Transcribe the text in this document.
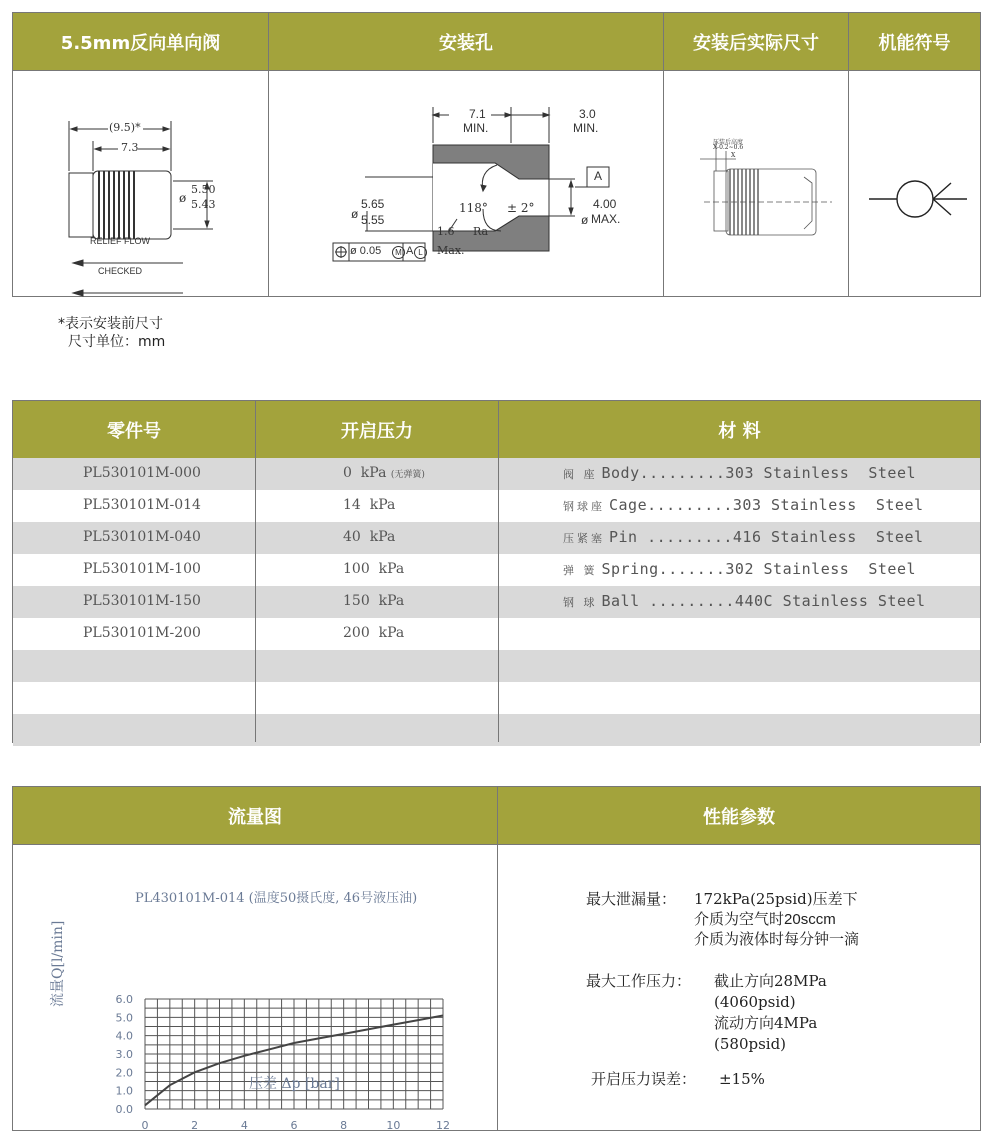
5.5mm反向单向阀	安装孔	安装后实际尺寸	机能符号
(9.5)*
7.3
ø
5.50
5.43
RELIEF FLOW
CHECKED
7.1
MIN.
3.0
MIN.
ø
5.65
5.55
118° ± 2°
1.6 Ra
Max.
ø
4.00
MAX.
A
ø 0.05	M A L
压装后高度
X-0.2~0.6
X
*表示安装前尺寸
尺寸单位：mm
零件号	开启压力	材 料
PL530101M-000	0  kPa (无弹簧)	阀 座 Body.........303 Stainless  Steel
PL530101M-014	14  kPa	钢球座 Cage.........303 Stainless  Steel
PL530101M-040	40  kPa	压紧塞 Pin .........416 Stainless  Steel
PL530101M-100	100  kPa	弹 簧 Spring.......302 Stainless  Steel
PL530101M-150	150  kPa	钢 球 Ball .........440C Stainless Steel
PL530101M-200	200  kPa
流量图	性能参数
PL430101M-014 (温度50摄氏度, 46号液压油)
0	2	4	6	8	10	12
0.0
1.0
2.0
3.0
4.0
5.0
6.0
压差 Δp [bar]
流量Q[l/min]
最大泄漏量： 172kPa(25psid)压差下
介质为空气时20sccm
介质为液体时每分钟一滴
最大工作压力： 截止方向28MPa
(4060psid)
流动方向4MPa
(580psid)
开启压力误差： ±15%
